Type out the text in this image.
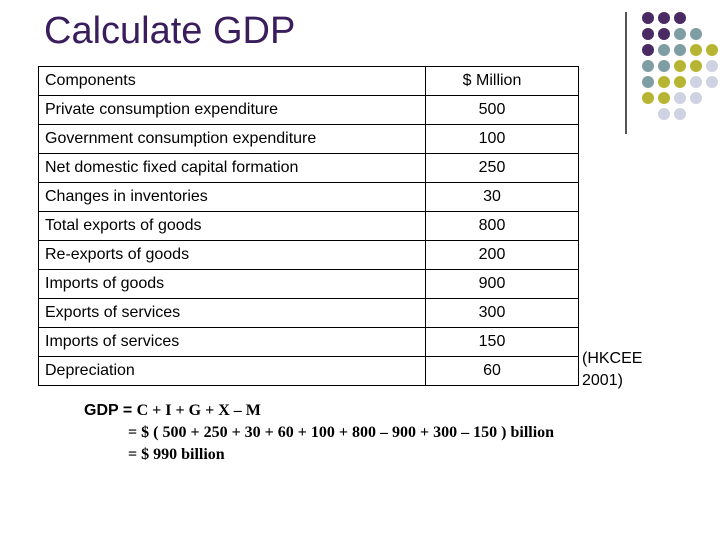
Calculate GDP
Components	$ Million
Private consumption expenditure	500
Government consumption expenditure	100
Net domestic fixed capital formation	250
Changes in inventories	30
Total exports of goods	800
Re-exports of goods	200
Imports of goods	900
Exports of services	300
Imports of services	150
Depreciation	60
(HKCEE
2001)
GDP = C + I + G + X – M
= $ ( 500 + 250 + 30 + 60 + 100 + 800 – 900 + 300 – 150 ) billion
= $ 990 billion
